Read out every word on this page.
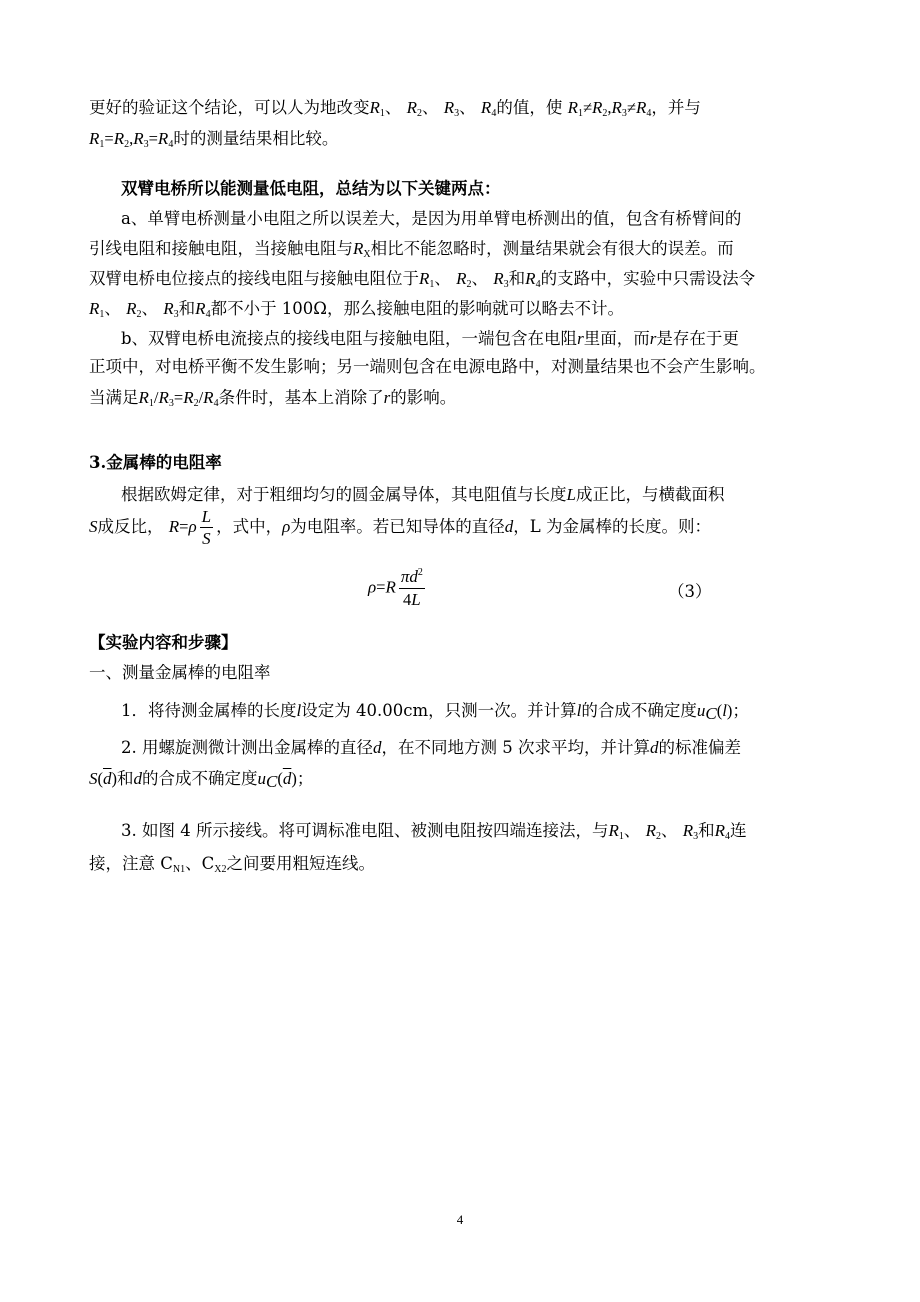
更好的验证这个结论，可以人为地改变$R_1$、 $R_2$、 $R_3$、 $R_4$的值，使 $R_1\ne R_2,R_3\ne R_4$，并与
$R_1=R_2,R_3=R_4$时的测量结果相比较。
双臂电桥所以能测量低电阻，总结为以下关键两点：
a、单臂电桥测量小电阻之所以误差大，是因为用单臂电桥测出的值，包含有桥臂间的
引线电阻和接触电阻，当接触电阻与$R_X$相比不能忽略时，测量结果就会有很大的误差。而
双臂电桥电位接点的接线电阻与接触电阻位于$R_1$、 $R_2$、 $R_3$和$R_4$的支路中，实验中只需设法令
$R_1$、 $R_2$、 $R_3$和$R_4$都不小于 100Ω，那么接触电阻的影响就可以略去不计。
b、双臂电桥电流接点的接线电阻与接触电阻，一端包含在电阻r里面，而r是存在于更
正项中，对电桥平衡不发生影响；另一端则包含在电源电路中，对测量结果也不会产生影响。
当满足$R_1/R_3=R_2/R_4$条件时，基本上消除了r的影响。
3.金属棒的电阻率
根据欧姆定律，对于粗细均匀的圆金属导体，其电阻值与长度L成正比，与横截面积
S成反比， $R=\rho \frac{L}{S}$ ，式中，ρ为电阻率。若已知导体的直径d，L 为金属棒的长度。则：
$\rho=R \frac{\pi d^2}{4L}$	（3）
【实验内容和步骤】
一、测量金属棒的电阻率
1．将待测金属棒的长度l设定为 40.00cm，只测一次。并计算l的合成不确定度$u_C(l)$；
2. 用螺旋测微计测出金属棒的直径d，在不同地方测 5 次求平均，并计算d的标准偏差
$S(\overline{d})$和d的合成不确定度$u_C(\overline{d})$；
3. 如图 4 所示接线。将可调标准电阻、被测电阻按四端连接法，与$R_1$、 $R_2$、 $R_3$和$R_4$连
接，注意 $C_{N1}$、$C_{X2}$之间要用粗短连线。
4
